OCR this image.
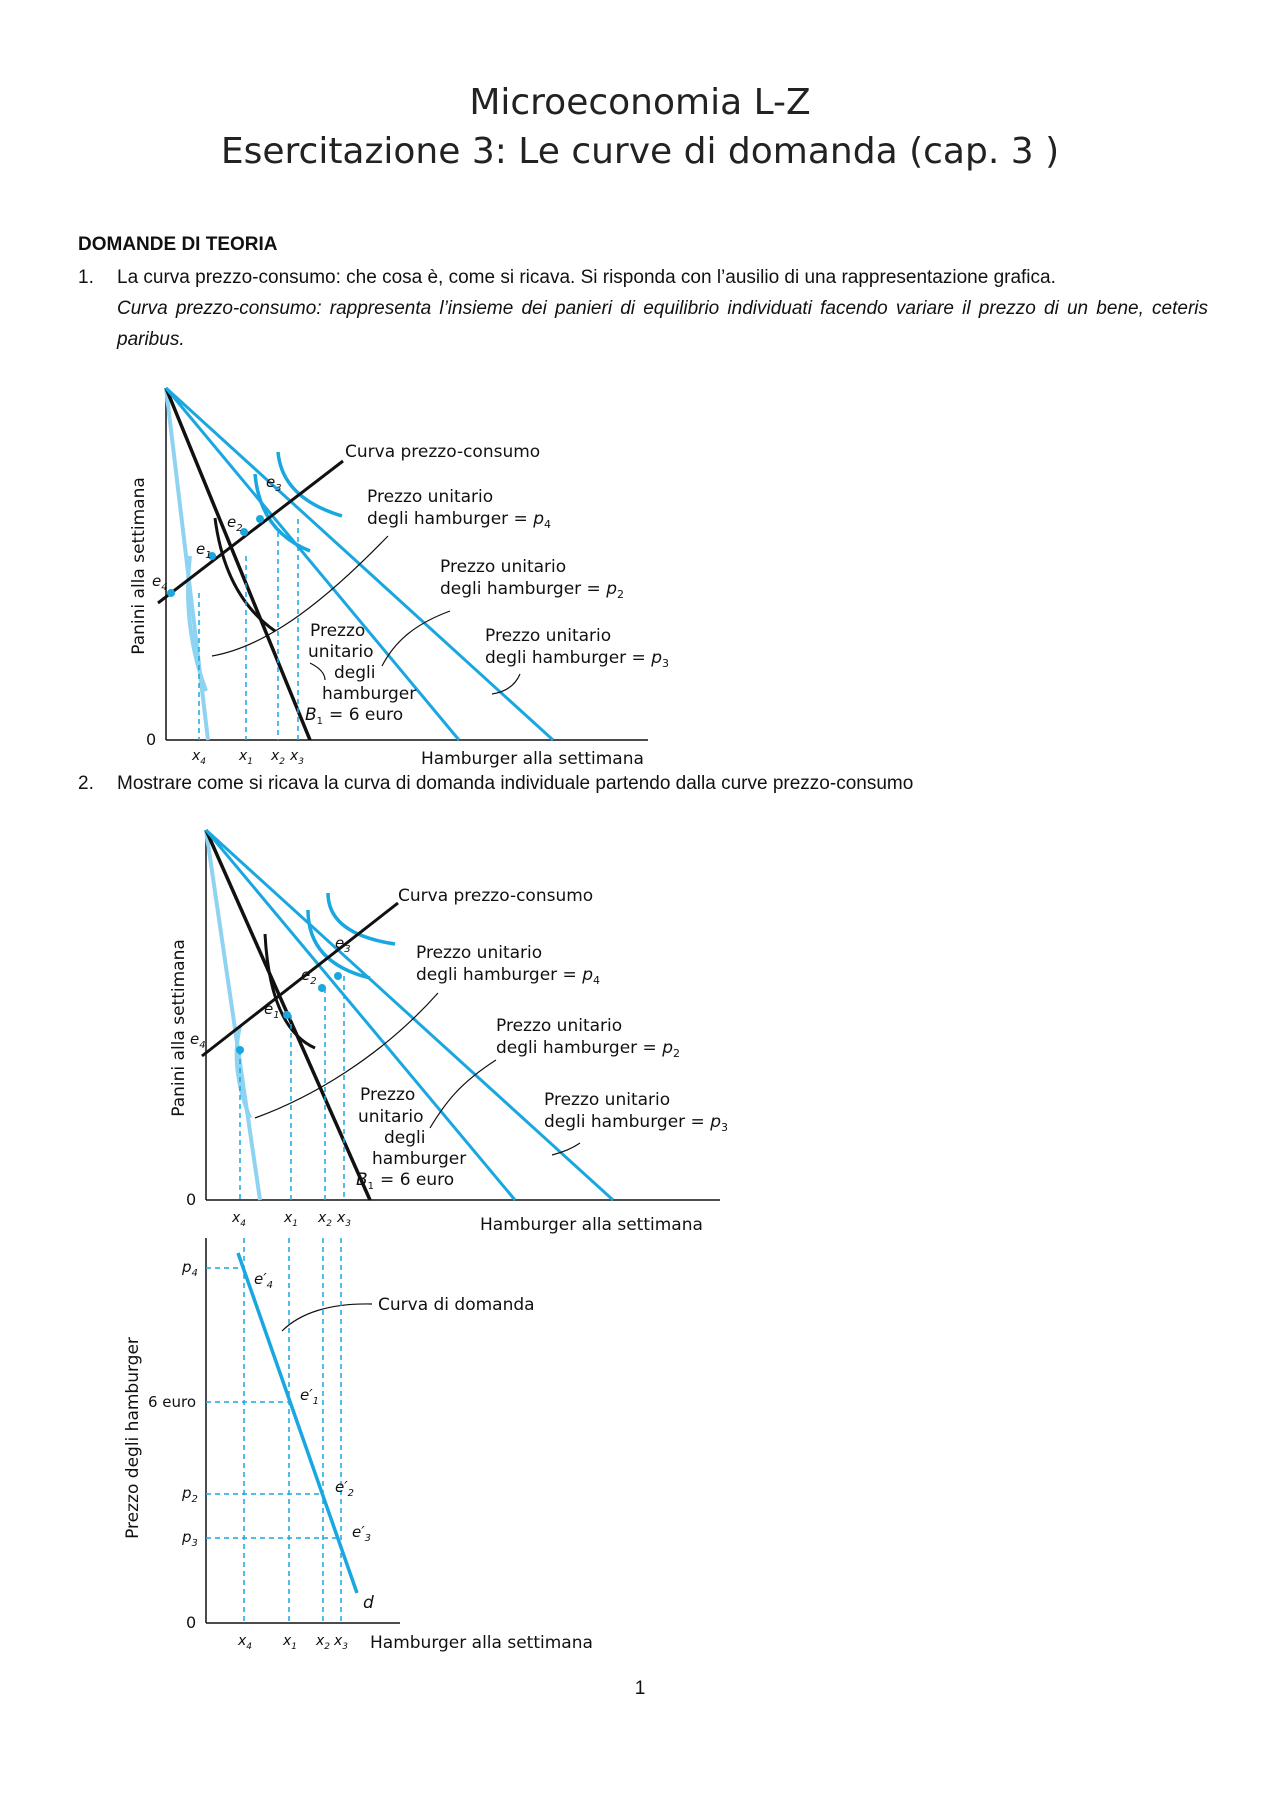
Microeconomia L-Z
Esercitazione 3: Le curve di domanda (cap. 3 )

DOMANDE DI TEORIA

1. La curva prezzo-consumo: che cosa è, come si ricava. Si risponda con l’ausilio di una rappresentazione grafica.
Curva prezzo-consumo: rappresenta l’insieme dei panieri di equilibrio individuati facendo variare il prezzo di un bene, ceteris paribus.
0
Panini alla settimana
Hamburger alla settimana
Curva prezzo-consumo
$e_1$
$e_2$
$e_3$
$e_4$
$x_4$ $x_1$ $x_2$ $x_3$
Prezzo unitario degli hamburger = $p_4$
Prezzo unitario degli hamburger = $p_2$
Prezzo unitario degli hamburger = $p_3$
Prezzo unitario degli hamburger $B_1 = 6$ euro
2. Mostrare come si ricava la curva di domanda individuale partendo dalla curve prezzo-consumo
0
Panini alla settimana
Hamburger alla settimana
Curva prezzo-consumo
$e_1$
$e_2$
$e_3$
$e_4$
$x_4$	$x_1$ $x_2$ $x_3$
Prezzo unitario degli hamburger = $p_4$
Prezzo unitario degli hamburger = $p_2$
Prezzo unitario degli hamburger = $p_3$
Prezzo unitario degli hamburger $B_1 = 6$ euro
0
Prezzo degli hamburger
Hamburger alla settimana
d
Curva di domanda
$p_4$
6 euro
$p_2$
$p_3$
$e'_4$
$e'_1$
$e'_2$
$e'_3$
$x_4$ $x_1$ $x_2$ $x_3$
1
